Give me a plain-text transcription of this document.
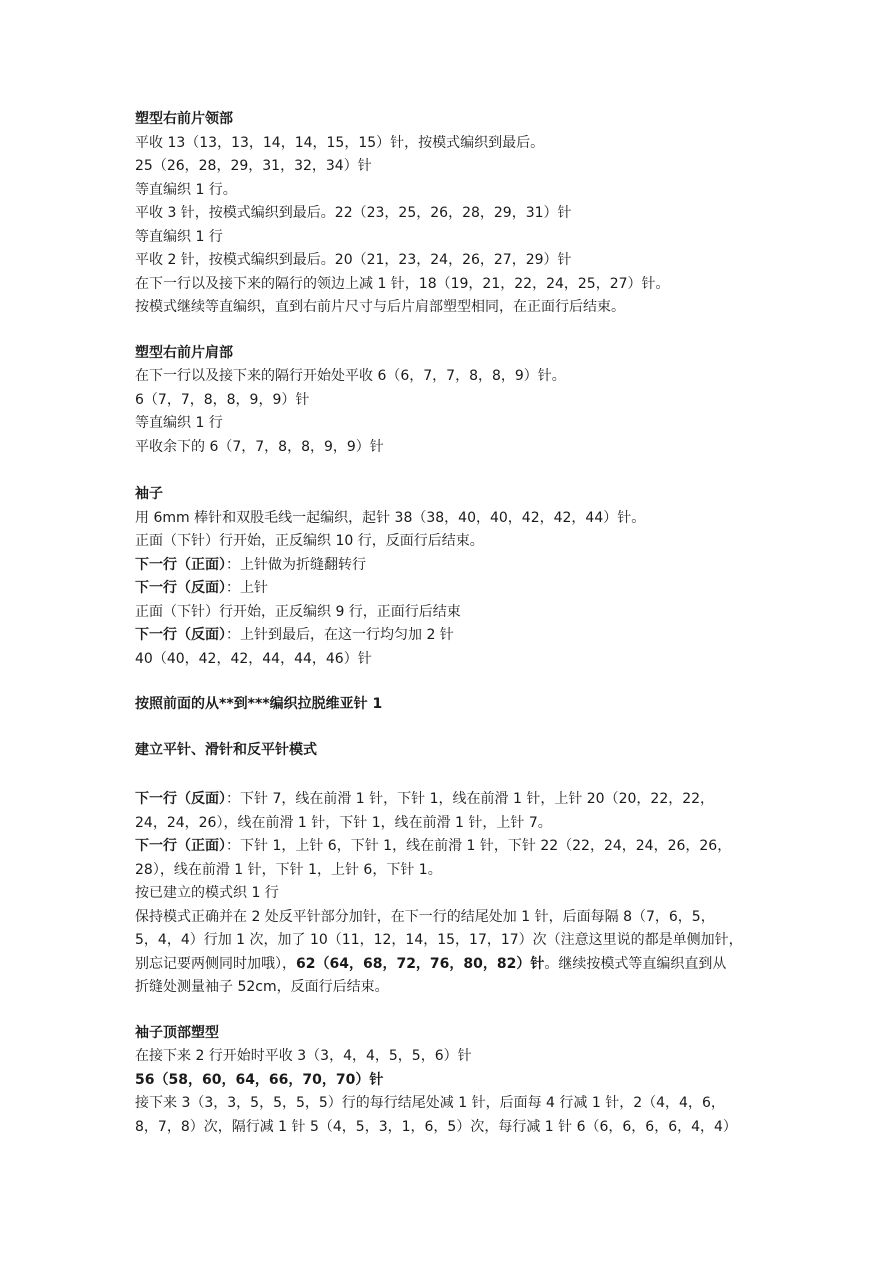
塑型右前片领部
平收 13（13，13，14，14，15，15）针，按模式编织到最后。
25（26，28，29，31，32，34）针
等直编织 1 行。
平收 3 针，按模式编织到最后。22（23，25，26，28，29，31）针
等直编织 1 行
平收 2 针，按模式编织到最后。20（21，23，24，26，27，29）针
在下一行以及接下来的隔行的领边上减 1 针，18（19，21，22，24，25，27）针。
按模式继续等直编织，直到右前片尺寸与后片肩部塑型相同，在正面行后结束。
塑型右前片肩部
在下一行以及接下来的隔行开始处平收 6（6，7，7，8，8，9）针。
6（7，7，8，8，9，9）针
等直编织 1 行
平收余下的 6（7，7，8，8，9，9）针
袖子
用 6mm 棒针和双股毛线一起编织，起针 38（38，40，40，42，42，44）针。
正面（下针）行开始，正反编织 10 行，反面行后结束。
下一行（正面）：上针做为折缝翻转行
下一行（反面）：上针
正面（下针）行开始，正反编织 9 行，正面行后结束
下一行（反面）：上针到最后，在这一行均匀加 2 针
40（40，42，42，44，44，46）针
按照前面的从**到***编织拉脱维亚针 1
建立平针、滑针和反平针模式
下一行（反面）：下针 7，线在前滑 1 针，下针 1，线在前滑 1 针，上针 20（20，22，22，
24，24，26），线在前滑 1 针，下针 1，线在前滑 1 针，上针 7。
下一行（正面）：下针 1，上针 6，下针 1，线在前滑 1 针，下针 22（22，24，24，26，26，
28），线在前滑 1 针，下针 1，上针 6，下针 1。
按已建立的模式织 1 行
保持模式正确并在 2 处反平针部分加针，在下一行的结尾处加 1 针，后面每隔 8（7，6，5，
5，4，4）行加 1 次，加了 10（11，12，14，15，17，17）次（注意这里说的都是单侧加针，
别忘记要两侧同时加哦），62（64，68，72，76，80，82）针。继续按模式等直编织直到从
折缝处测量袖子 52cm，反面行后结束。
袖子顶部塑型
在接下来 2 行开始时平收 3（3，4，4，5，5，6）针
56（58，60，64，66，70，70）针
接下来 3（3，3，5，5，5，5）行的每行结尾处减 1 针，后面每 4 行减 1 针，2（4，4，6，
8，7，8）次，隔行减 1 针 5（4，5，3，1，6，5）次，每行减 1 针 6（6，6，6，6，4，4）
